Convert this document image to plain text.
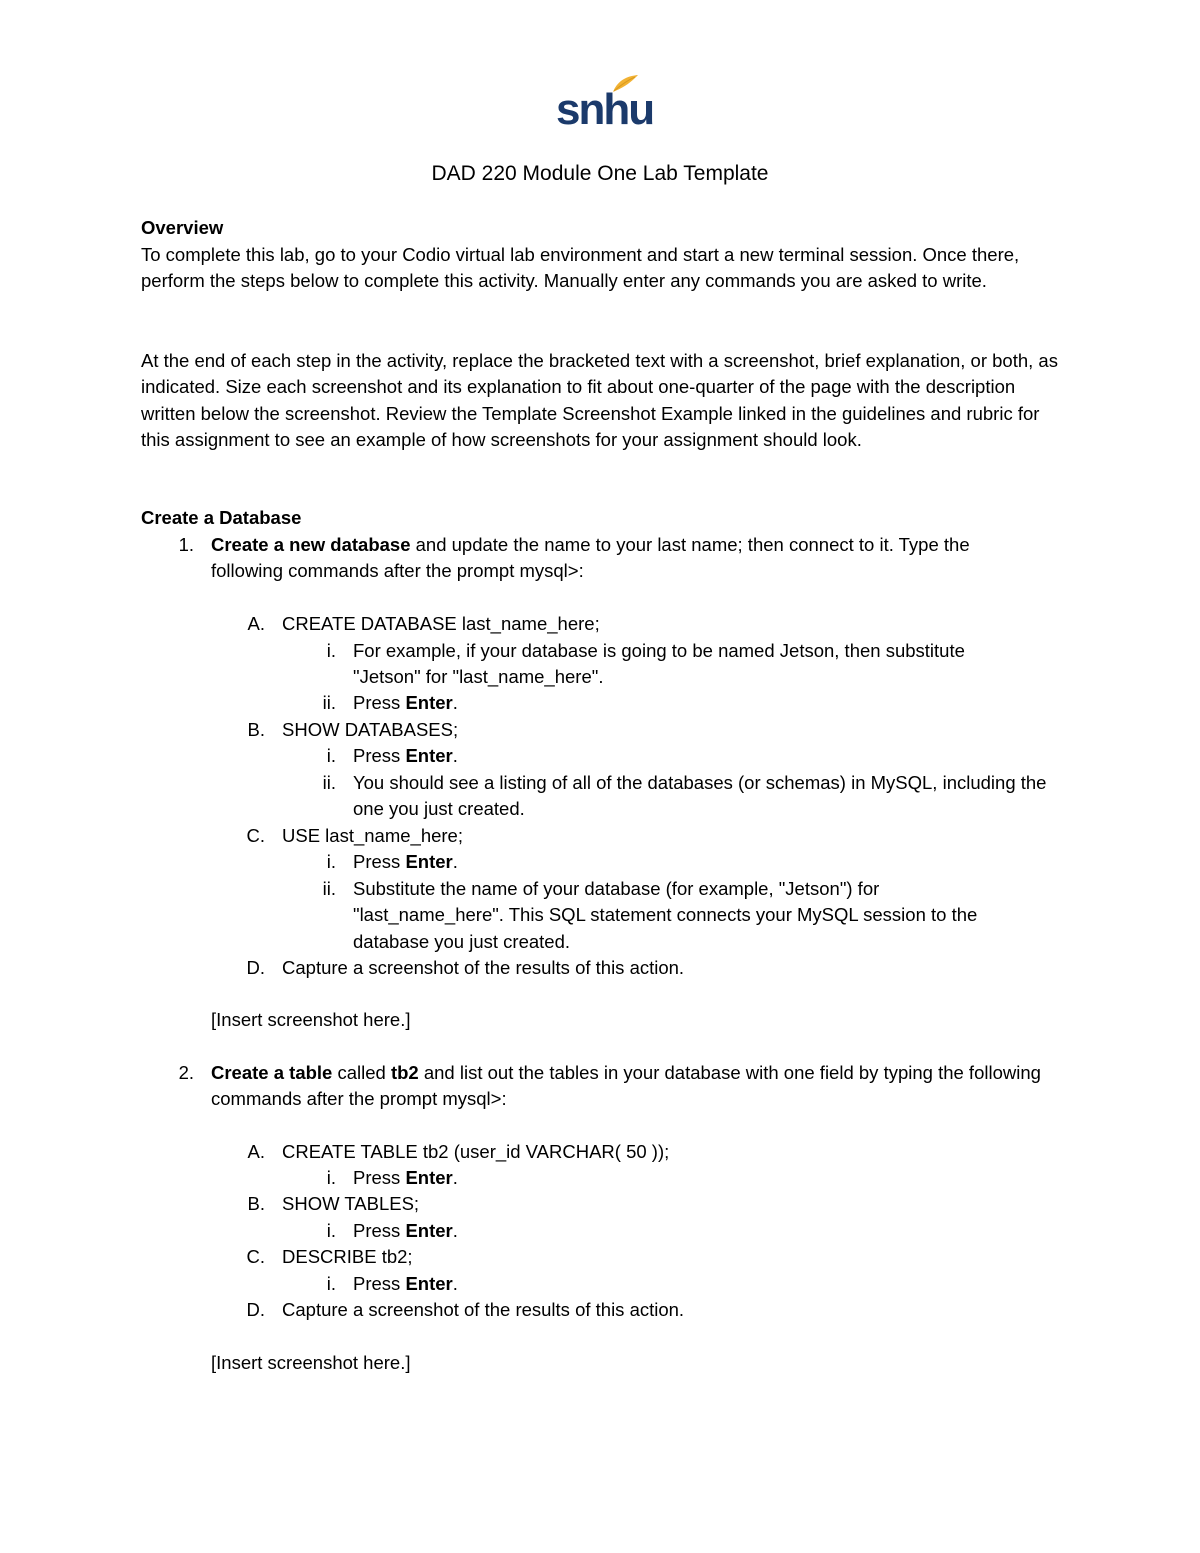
snhu
DAD 220 Module One Lab Template
Overview
To complete this lab, go to your Codio virtual lab environment and start a new terminal session. Once there, perform the steps below to complete this activity. Manually enter any commands you are asked to write.
At the end of each step in the activity, replace the bracketed text with a screenshot, brief explanation, or both, as indicated. Size each screenshot and its explanation to fit about one-quarter of the page with the description written below the screenshot. Review the Template Screenshot Example linked in the guidelines and rubric for this assignment to see an example of how screenshots for your assignment should look.
Create a Database
1. Create a new database and update the name to your last name; then connect to it. Type the following commands after the prompt mysql>:
A. CREATE DATABASE last_name_here;
i. For example, if your database is going to be named Jetson, then substitute "Jetson" for "last_name_here".
ii. Press Enter.
B. SHOW DATABASES;
i. Press Enter.
ii. You should see a listing of all of the databases (or schemas) in MySQL, including the one you just created.
C. USE last_name_here;
i. Press Enter.
ii. Substitute the name of your database (for example, "Jetson") for "last_name_here". This SQL statement connects your MySQL session to the database you just created.
D. Capture a screenshot of the results of this action.
[Insert screenshot here.]
2. Create a table called tb2 and list out the tables in your database with one field by typing the following commands after the prompt mysql>:
A. CREATE TABLE tb2 (user_id VARCHAR( 50 ));
i. Press Enter.
B. SHOW TABLES;
i. Press Enter.
C. DESCRIBE tb2;
i. Press Enter.
D. Capture a screenshot of the results of this action.
[Insert screenshot here.]
